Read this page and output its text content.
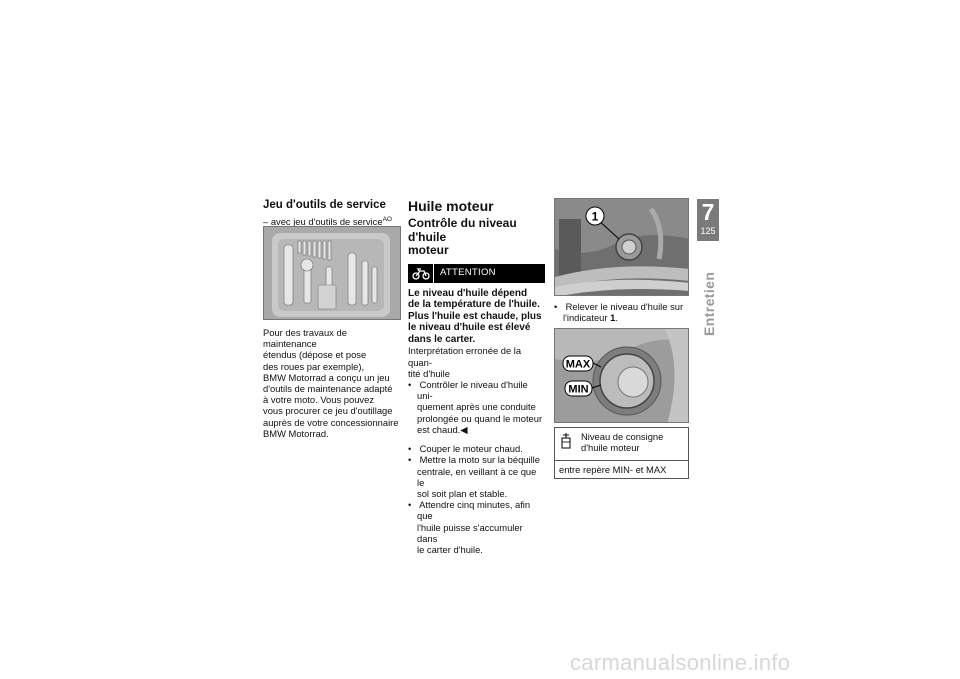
Jeu d'outils de service
– avec jeu d'outils de service$^{AO}$
Pour des travaux de maintenance
étendus (dépose et pose
des roues par exemple),
BMW Motorrad a conçu un jeu
d'outils de maintenance adapté
à votre moto. Vous pouvez
vous procurer ce jeu d'outillage
auprès de votre concessionnaire
BMW Motorrad.
Huile moteur
Contrôle du niveau d'huile
moteur
ATTENTION
Le niveau d'huile dépend
de la température de l'huile.
Plus l'huile est chaude, plus
le niveau d'huile est élevé
dans le carter.
Interprétation erronée de la quan-
tité d'huile
• Contrôler le niveau d'huile uni-
quement après une conduite
prolongée ou quand le moteur
est chaud.◀
• Couper le moteur chaud.
• Mettre la moto sur la béquille
centrale, en veillant à ce que le
sol soit plan et stable.
• Attendre cinq minutes, afin que
l'huile puisse s'accumuler dans
le carter d'huile.
1
• Relever le niveau d'huile sur
l'indicateur 1.
MAX
MIN
Niveau de consigne
d'huile moteur
entre repère MIN- et MAX
7
125
Entretien
carmanualsonline.info
